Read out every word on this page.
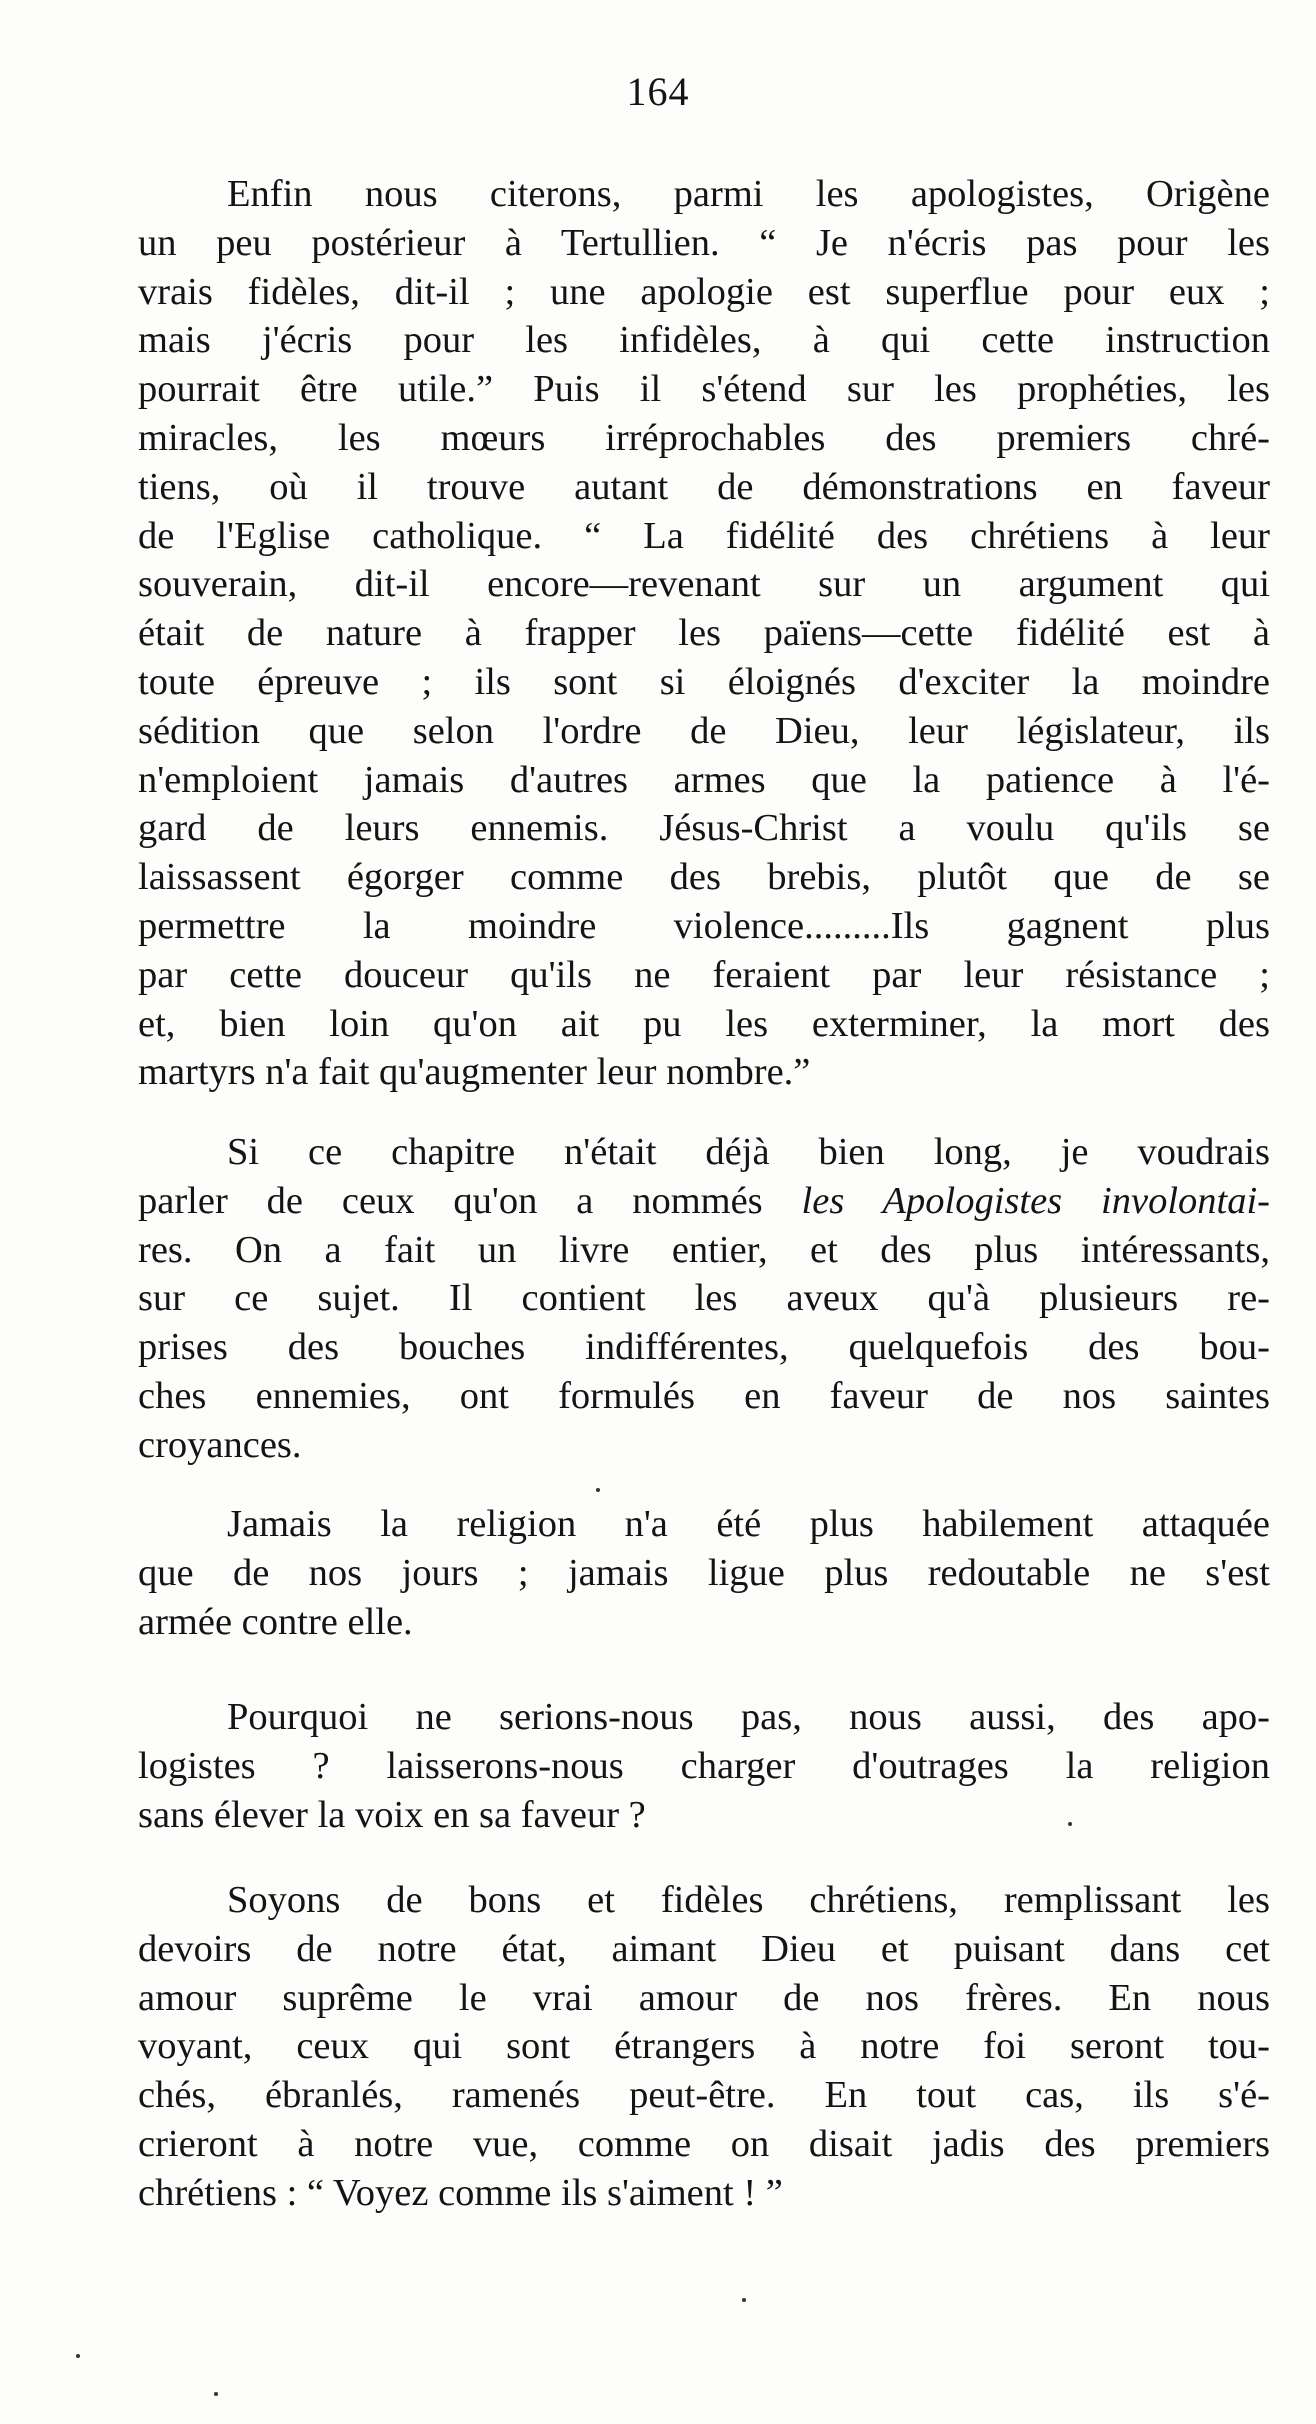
164
Enfin nous citerons, parmi les apologistes, Origène
un peu postérieur à Tertullien. “ Je n'écris pas pour les
vrais fidèles, dit-il ; une apologie est superflue pour eux ;
mais j'écris pour les infidèles, à qui cette instruction
pourrait être utile.” Puis il s'étend sur les prophéties, les
miracles, les mœurs irréprochables des premiers chré-
tiens, où il trouve autant de démonstrations en faveur
de l'Eglise catholique. “ La fidélité des chrétiens à leur
souverain, dit-il encore—revenant sur un argument qui
était de nature à frapper les païens—cette fidélité est à
toute épreuve ; ils sont si éloignés d'exciter la moindre
sédition que selon l'ordre de Dieu, leur législateur, ils
n'emploient jamais d'autres armes que la patience à l'é-
gard de leurs ennemis. Jésus-Christ a voulu qu'ils se
laissassent égorger comme des brebis, plutôt que de se
permettre la moindre violence.........Ils gagnent plus
par cette douceur qu'ils ne feraient par leur résistance ;
et, bien loin qu'on ait pu les exterminer, la mort des
martyrs n'a fait qu'augmenter leur nombre.”
Si ce chapitre n'était déjà bien long, je voudrais
parler de ceux qu'on a nommés les Apologistes involontai-
res. On a fait un livre entier, et des plus intéressants,
sur ce sujet. Il contient les aveux qu'à plusieurs re-
prises des bouches indifférentes, quelquefois des bou-
ches ennemies, ont formulés en faveur de nos saintes
croyances.
Jamais la religion n'a été plus habilement attaquée
que de nos jours ; jamais ligue plus redoutable ne s'est
armée contre elle.
Pourquoi ne serions-nous pas, nous aussi, des apo-
logistes ? laisserons-nous charger d'outrages la religion
sans élever la voix en sa faveur ?
Soyons de bons et fidèles chrétiens, remplissant les
devoirs de notre état, aimant Dieu et puisant dans cet
amour suprême le vrai amour de nos frères. En nous
voyant, ceux qui sont étrangers à notre foi seront tou-
chés, ébranlés, ramenés peut-être. En tout cas, ils s'é-
crieront à notre vue, comme on disait jadis des premiers
chrétiens : “ Voyez comme ils s'aiment ! ”
